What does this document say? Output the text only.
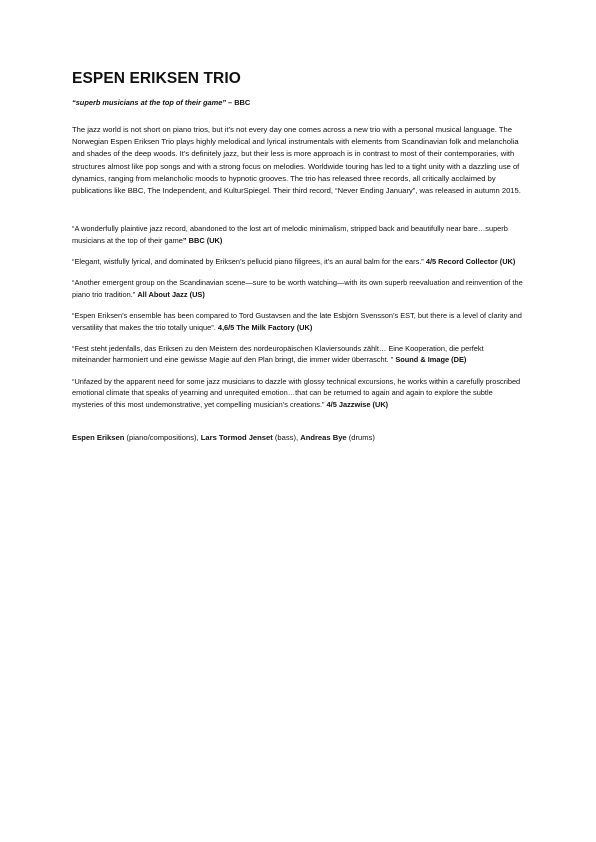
ESPEN ERIKSEN TRIO
“superb musicians at the top of their game” – BBC

The jazz world is not short on piano trios, but it’s not every day one comes across a new trio with a personal musical language. The Norwegian Espen Eriksen Trio plays highly melodical and lyrical instrumentals with elements from Scandinavian folk and melancholia and shades of the deep woods. It’s definitely jazz, but their less is more approach is in contrast to most of their contemporaries, with structures almost like pop songs and with a strong focus on melodies. Worldwide touring has led to a tight unity with a dazzling use of dynamics, ranging from melancholic moods to hypnotic grooves. The trio has released three records, all critically acclaimed by publications like BBC, The Independent, and KulturSpiegel. Their third record, “Never Ending January”, was released in autumn 2015.

“A wonderfully plaintive jazz record, abandoned to the lost art of melodic minimalism, stripped back and beautifully near bare…superb musicians at the top of their game” BBC (UK)

“Elegant, wistfully lyrical, and dominated by Eriksen’s pellucid piano filigrees, it’s an aural balm for the ears.” 4/5 Record Collector (UK)

“Another emergent group on the Scandinavian scene—sure to be worth watching—with its own superb reevaluation and reinvention of the piano trio tradition.” All About Jazz (US)

“Espen Eriksen’s ensemble has been compared to Tord Gustavsen and the late Esbjörn Svensson’s EST, but there is a level of clarity and versatility that makes the trio totally unique”. 4,6/5 The Milk Factory (UK)

“Fest steht jedenfalls, das Eriksen zu den Meistern des nordeuropäischen Klaviersounds zählt… Eine Kooperation, die perfekt miteinander harmoniert und eine gewisse Magie auf den Plan bringt, die immer wider überrascht. ” Sound & Image (DE)

“Unfazed by the apparent need for some jazz musicians to dazzle with glossy technical excursions, he works within a carefully proscribed emotional climate that speaks of yearning and unrequited emotion…that can be returned to again and again to explore the subtle mysteries of this most undemonstrative, yet compelling musician’s creations.” 4/5 Jazzwise (UK)

Espen Eriksen (piano/compositions), Lars Tormod Jenset (bass), Andreas Bye (drums)
